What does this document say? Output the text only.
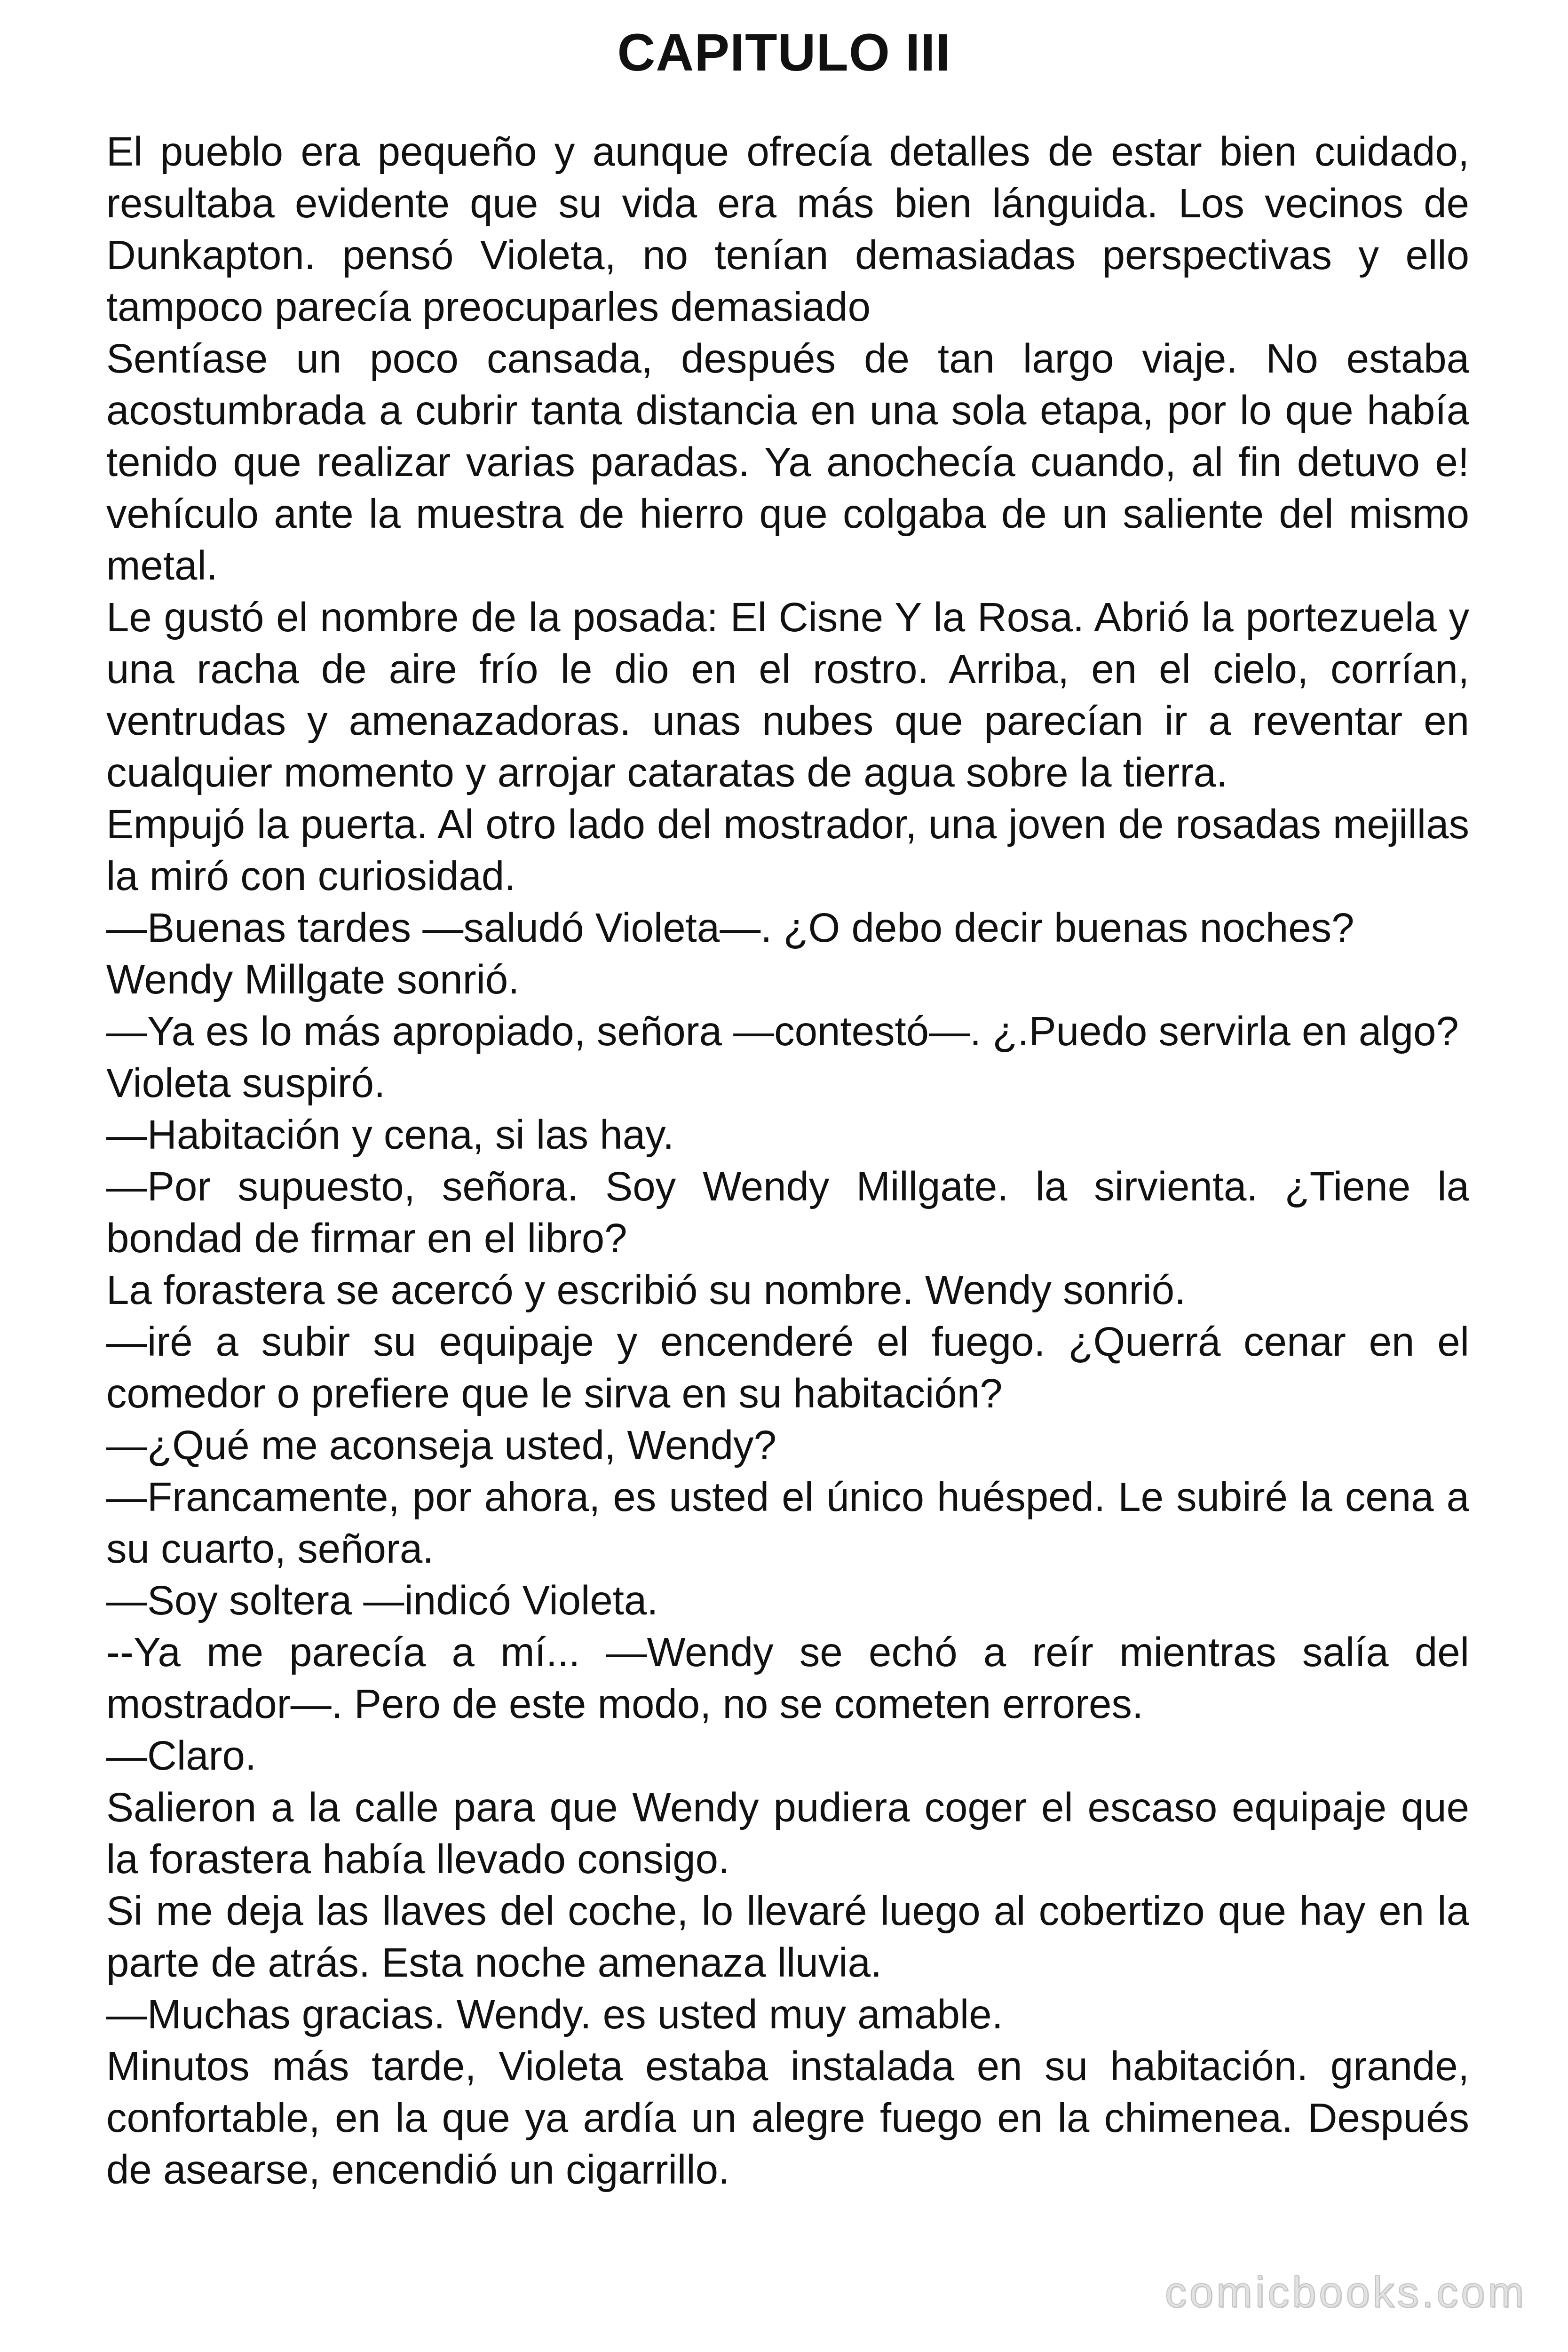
CAPITULO III

El pueblo era pequeño y aunque ofrecía detalles de estar bien cuidado, resultaba evidente que su vida era más bien lánguida. Los vecinos de Dunkapton. pensó Violeta, no tenían demasiadas perspectivas y ello tampoco parecía preocuparles demasiado

Sentíase un poco cansada, después de tan largo viaje. No estaba acostumbrada a cubrir tanta distancia en una sola etapa, por lo que había tenido que realizar varias paradas. Ya anochecía cuando, al fin detuvo e! vehículo ante la muestra de hierro que colgaba de un saliente del mismo metal.

Le gustó el nombre de la posada: El Cisne Y la Rosa. Abrió la portezuela y una racha de aire frío le dio en el rostro. Arriba, en el cielo, corrían, ventrudas y amenazadoras. unas nubes que parecían ir a reventar en cualquier momento y arrojar cataratas de agua sobre la tierra.

Empujó la puerta. Al otro lado del mostrador, una joven de rosadas mejillas la miró con curiosidad.

—Buenas tardes —saludó Violeta—. ¿O debo decir buenas noches?

Wendy Millgate sonrió.

—Ya es lo más apropiado, señora —contestó—. ¿.Puedo servirla en algo?

Violeta suspiró.

—Habitación y cena, si las hay.

—Por supuesto, señora. Soy Wendy Millgate. la sirvienta. ¿Tiene la bondad de firmar en el libro?

La forastera se acercó y escribió su nombre. Wendy sonrió.

—iré a subir su equipaje y encenderé el fuego. ¿Querrá cenar en el comedor o prefiere que le sirva en su habitación?

—¿Qué me aconseja usted, Wendy?

—Francamente, por ahora, es usted el único huésped. Le subiré la cena a su cuarto, señora.

—Soy soltera —indicó Violeta.

--Ya me parecía a mí... —Wendy se echó a reír mientras salía del mostrador—. Pero de este modo, no se cometen errores.

—Claro.

Salieron a la calle para que Wendy pudiera coger el escaso equipaje que la forastera había llevado consigo.

Si me deja las llaves del coche, lo llevaré luego al cobertizo que hay en la parte de atrás. Esta noche amenaza lluvia.

—Muchas gracias. Wendy. es usted muy amable.

Minutos más tarde, Violeta estaba instalada en su habitación. grande, confortable, en la que ya ardía un alegre fuego en la chimenea. Después de asearse, encendió un cigarrillo.

comicbooks.com
